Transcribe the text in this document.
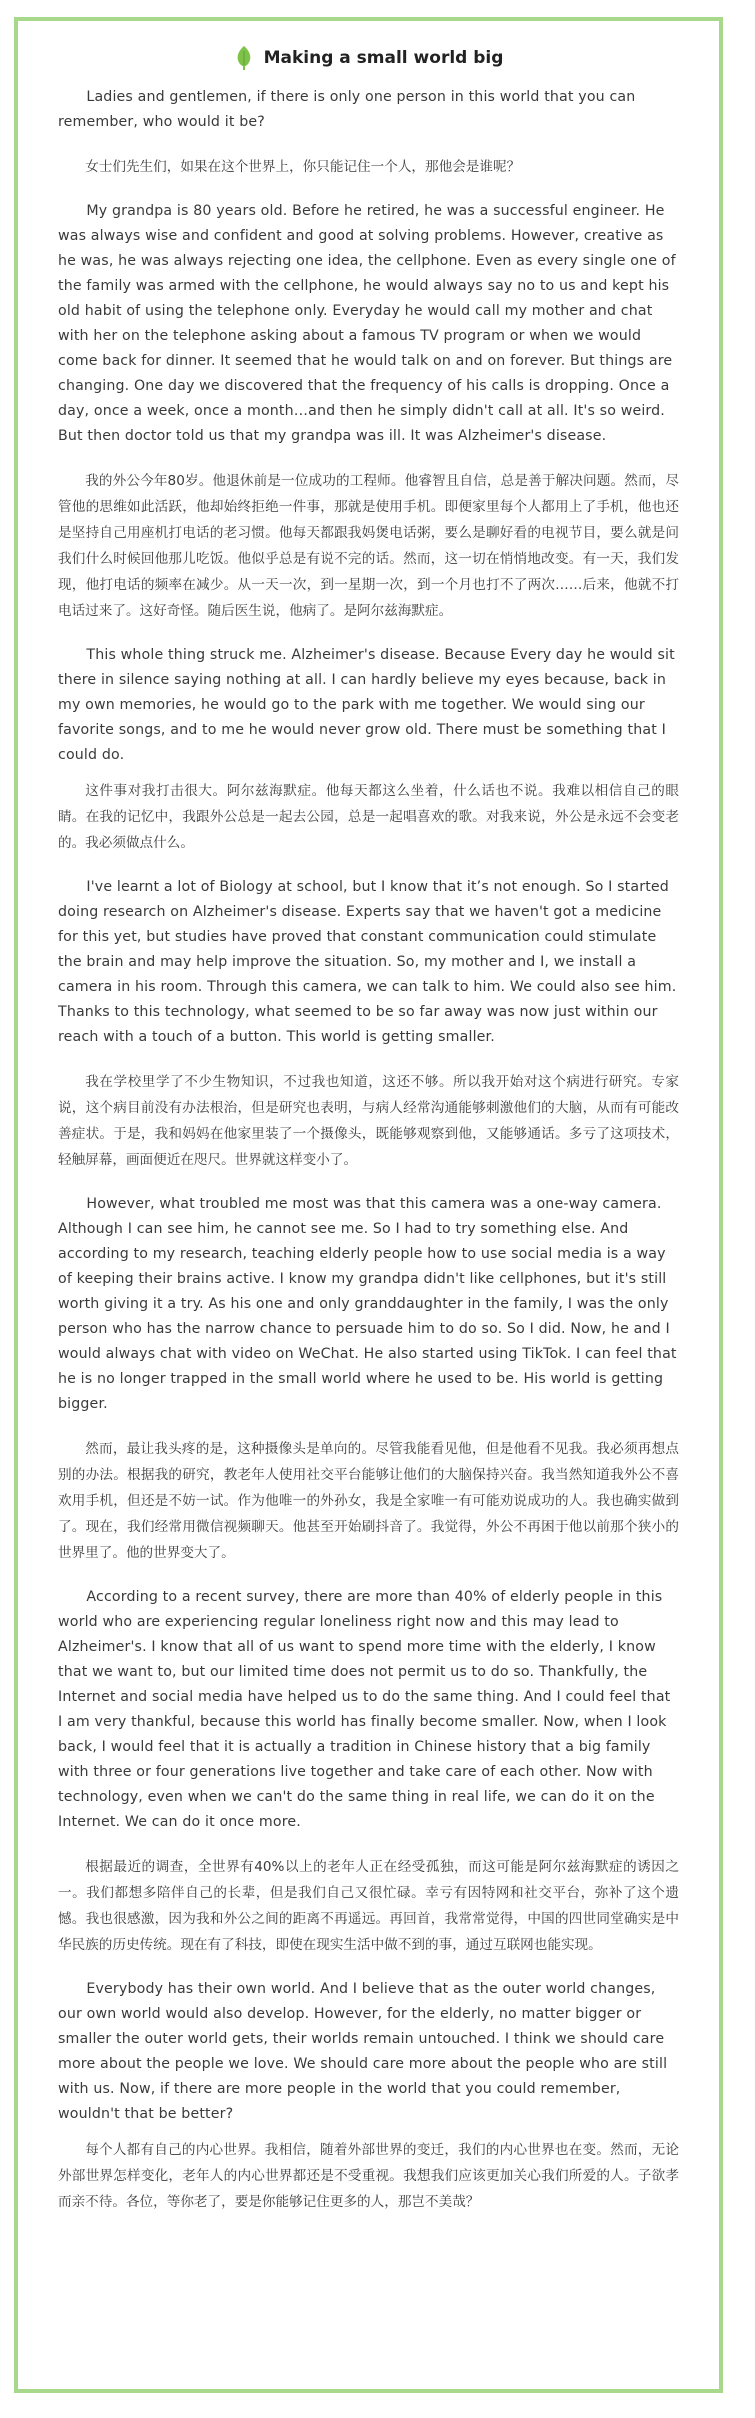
Making a small world big

Ladies and gentlemen, if there is only one person in this world that you can remember, who would it be?

女士们先生们，如果在这个世界上，你只能记住一个人，那他会是谁呢？

My grandpa is 80 years old. Before he retired, he was a successful engineer. He was always wise and confident and good at solving problems. However, creative as he was, he was always rejecting one idea, the cellphone. Even as every single one of the family was armed with the cellphone, he would always say no to us and kept his old habit of using the telephone only. Everyday he would call my mother and chat with her on the telephone asking about a famous TV program or when we would come back for dinner. It seemed that he would talk on and on forever. But things are changing. One day we discovered that the frequency of his calls is dropping. Once a day, once a week, once a month…and then he simply didn't call at all. It's so weird. But then doctor told us that my grandpa was ill. It was Alzheimer's disease.

我的外公今年80岁。他退休前是一位成功的工程师。他睿智且自信，总是善于解决问题。然而，尽管他的思维如此活跃，他却始终拒绝一件事，那就是使用手机。即便家里每个人都用上了手机，他也还是坚持自己用座机打电话的老习惯。他每天都跟我妈煲电话粥，要么是聊好看的电视节目，要么就是问我们什么时候回他那儿吃饭。他似乎总是有说不完的话。然而，这一切在悄悄地改变。有一天，我们发现，他打电话的频率在减少。从一天一次，到一星期一次，到一个月也打不了两次……后来，他就不打电话过来了。这好奇怪。随后医生说，他病了。是阿尔兹海默症。

This whole thing struck me. Alzheimer's disease. Because Every day he would sit there in silence saying nothing at all. I can hardly believe my eyes because, back in my own memories, he would go to the park with me together. We would sing our favorite songs, and to me he would never grow old. There must be something that I could do.

这件事对我打击很大。阿尔兹海默症。他每天都这么坐着，什么话也不说。我难以相信自己的眼睛。在我的记忆中，我跟外公总是一起去公园，总是一起唱喜欢的歌。对我来说，外公是永远不会变老的。我必须做点什么。

I've learnt a lot of Biology at school, but I know that it’s not enough. So I started doing research on Alzheimer's disease. Experts say that we haven't got a medicine for this yet, but studies have proved that constant communication could stimulate the brain and may help improve the situation. So, my mother and I, we install a camera in his room. Through this camera, we can talk to him. We could also see him. Thanks to this technology, what seemed to be so far away was now just within our reach with a touch of a button. This world is getting smaller.

我在学校里学了不少生物知识，不过我也知道，这还不够。所以我开始对这个病进行研究。专家说，这个病目前没有办法根治，但是研究也表明，与病人经常沟通能够刺激他们的大脑，从而有可能改善症状。于是，我和妈妈在他家里装了一个摄像头，既能够观察到他，又能够通话。多亏了这项技术，轻触屏幕，画面便近在咫尺。世界就这样变小了。

However, what troubled me most was that this camera was a one-way camera. Although I can see him, he cannot see me. So I had to try something else. And according to my research, teaching elderly people how to use social media is a way of keeping their brains active. I know my grandpa didn't like cellphones, but it's still worth giving it a try. As his one and only granddaughter in the family, I was the only person who has the narrow chance to persuade him to do so. So I did. Now, he and I would always chat with video on WeChat. He also started using TikTok. I can feel that he is no longer trapped in the small world where he used to be. His world is getting bigger.

然而，最让我头疼的是，这种摄像头是单向的。尽管我能看见他，但是他看不见我。我必须再想点别的办法。根据我的研究，教老年人使用社交平台能够让他们的大脑保持兴奋。我当然知道我外公不喜欢用手机，但还是不妨一试。作为他唯一的外孙女，我是全家唯一有可能劝说成功的人。我也确实做到了。现在，我们经常用微信视频聊天。他甚至开始刷抖音了。我觉得，外公不再困于他以前那个狭小的世界里了。他的世界变大了。

According to a recent survey, there are more than 40% of elderly people in this world who are experiencing regular loneliness right now and this may lead to Alzheimer's. I know that all of us want to spend more time with the elderly, I know that we want to, but our limited time does not permit us to do so. Thankfully, the Internet and social media have helped us to do the same thing. And I could feel that I am very thankful, because this world has finally become smaller. Now, when I look back, I would feel that it is actually a tradition in Chinese history that a big family with three or four generations live together and take care of each other. Now with technology, even when we can't do the same thing in real life, we can do it on the Internet. We can do it once more.

根据最近的调查，全世界有40%以上的老年人正在经受孤独，而这可能是阿尔兹海默症的诱因之一。我们都想多陪伴自己的长辈，但是我们自己又很忙碌。幸亏有因特网和社交平台，弥补了这个遗憾。我也很感激，因为我和外公之间的距离不再遥远。再回首，我常常觉得，中国的四世同堂确实是中华民族的历史传统。现在有了科技，即使在现实生活中做不到的事，通过互联网也能实现。

Everybody has their own world. And I believe that as the outer world changes, our own world would also develop. However, for the elderly, no matter bigger or smaller the outer world gets, their worlds remain untouched. I think we should care more about the people we love. We should care more about the people who are still with us. Now, if there are more people in the world that you could remember, wouldn't that be better?

每个人都有自己的内心世界。我相信，随着外部世界的变迁，我们的内心世界也在变。然而，无论外部世界怎样变化，老年人的内心世界都还是不受重视。我想我们应该更加关心我们所爱的人。子欲孝而亲不待。各位，等你老了，要是你能够记住更多的人，那岂不美哉？
